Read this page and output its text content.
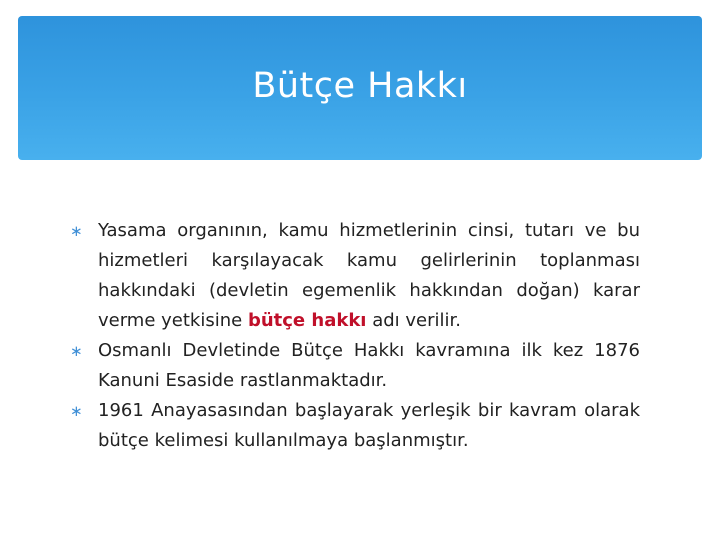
Bütçe Hakkı
∗ Yasama organının, kamu hizmetlerinin cinsi, tutarı ve bu hizmetleri karşılayacak kamu gelirlerinin toplanması hakkındaki (devletin egemenlik hakkından doğan) karar verme yetkisine bütçe hakkı adı verilir.
∗ Osmanlı Devletinde Bütçe Hakkı kavramına ilk kez 1876 Kanuni Esaside rastlanmaktadır.
∗ 1961 Anayasasından başlayarak yerleşik bir kavram olarak bütçe kelimesi kullanılmaya başlanmıştır.
